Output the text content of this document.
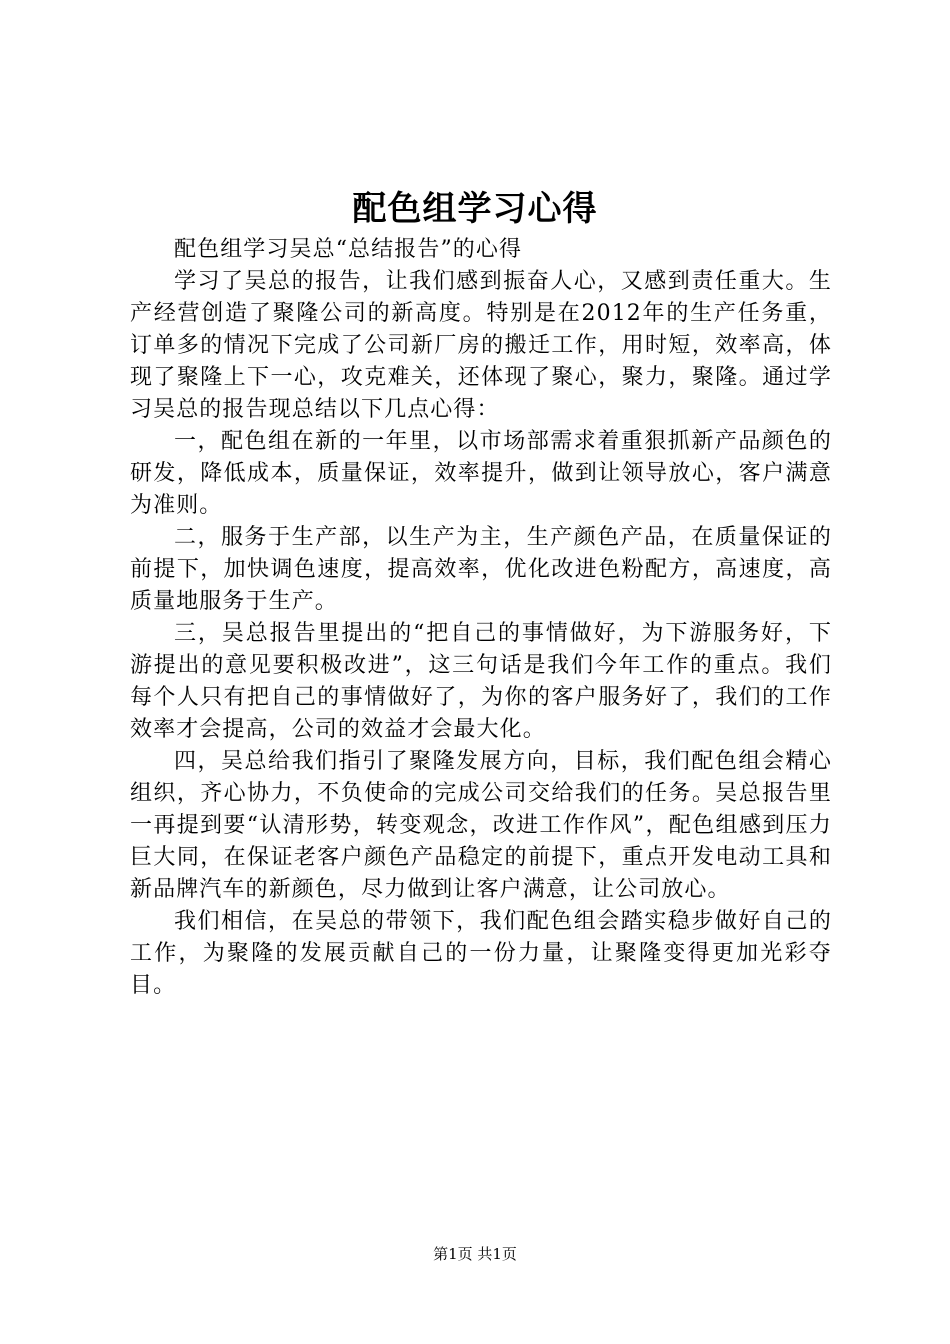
配色组学习心得

配色组学习吴总“总结报告”的心得

学习了吴总的报告，让我们感到振奋人心，又感到责任重大。生产经营创造了聚隆公司的新高度。特别是在2012年的生产任务重，订单多的情况下完成了公司新厂房的搬迁工作，用时短，效率高，体现了聚隆上下一心，攻克难关，还体现了聚心，聚力，聚隆。通过学习吴总的报告现总结以下几点心得：

一，配色组在新的一年里，以市场部需求着重狠抓新产品颜色的研发，降低成本，质量保证，效率提升，做到让领导放心，客户满意为准则。

二，服务于生产部，以生产为主，生产颜色产品，在质量保证的前提下，加快调色速度，提高效率，优化改进色粉配方，高速度，高质量地服务于生产。

三，吴总报告里提出的“把自己的事情做好，为下游服务好，下游提出的意见要积极改进”，这三句话是我们今年工作的重点。我们每个人只有把自己的事情做好了，为你的客户服务好了，我们的工作效率才会提高，公司的效益才会最大化。

四，吴总给我们指引了聚隆发展方向，目标，我们配色组会精心组织，齐心协力，不负使命的完成公司交给我们的任务。吴总报告里一再提到要“认清形势，转变观念，改进工作作风”，配色组感到压力巨大同，在保证老客户颜色产品稳定的前提下，重点开发电动工具和新品牌汽车的新颜色，尽力做到让客户满意，让公司放心。

我们相信，在吴总的带领下，我们配色组会踏实稳步做好自己的工作，为聚隆的发展贡献自己的一份力量，让聚隆变得更加光彩夺目。

第1页 共1页
